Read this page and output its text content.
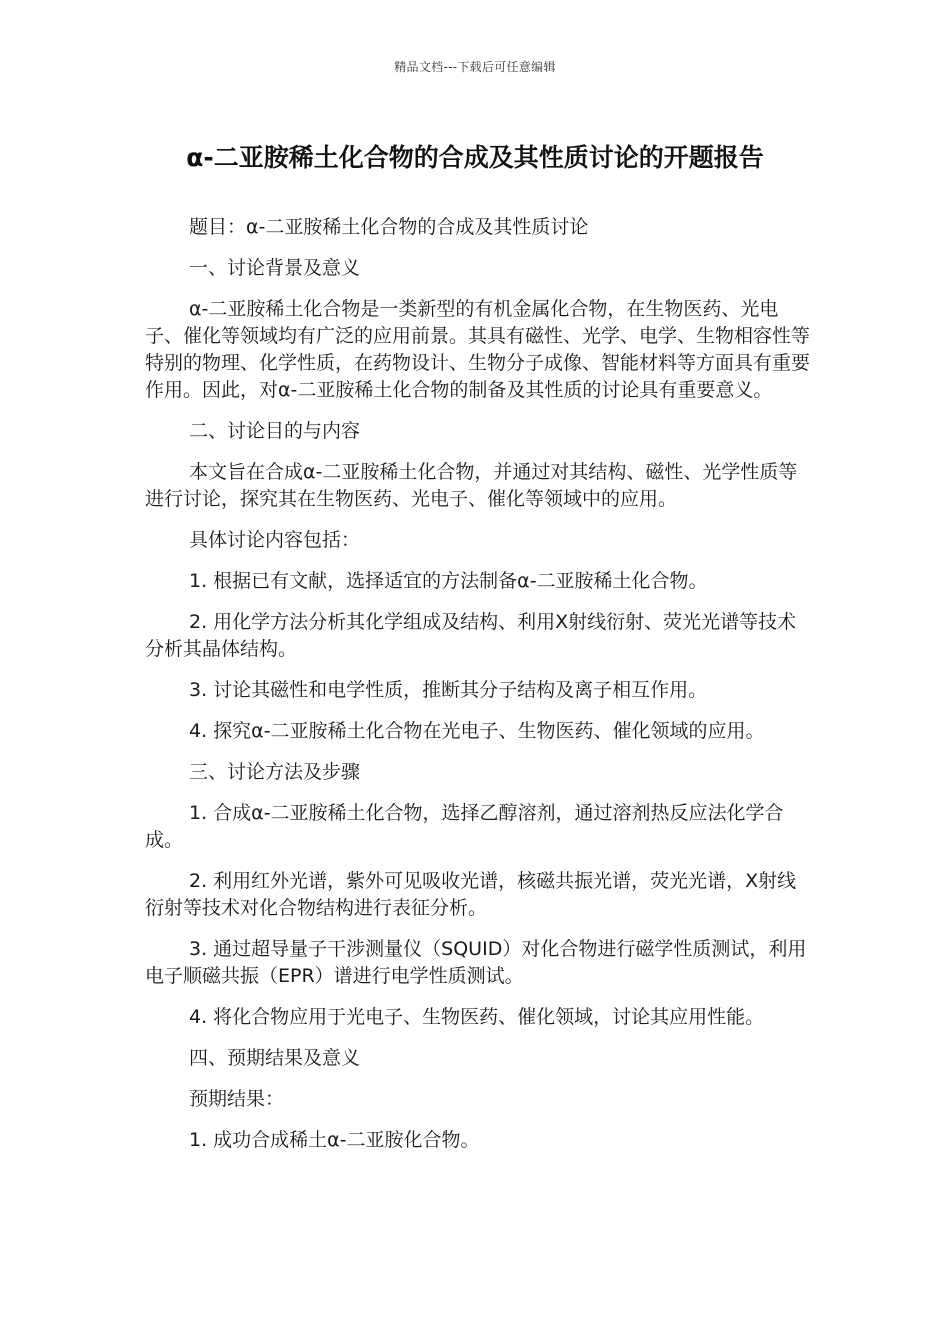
精品文档---下载后可任意编辑
α-二亚胺稀土化合物的合成及其性质讨论的开题报告

题目：α-二亚胺稀土化合物的合成及其性质讨论

一、讨论背景及意义

α-二亚胺稀土化合物是一类新型的有机金属化合物，在生物医药、光电子、催化等领域均有广泛的应用前景。其具有磁性、光学、电学、生物相容性等特别的物理、化学性质，在药物设计、生物分子成像、智能材料等方面具有重要作用。因此，对α-二亚胺稀土化合物的制备及其性质的讨论具有重要意义。

二、讨论目的与内容

本文旨在合成α-二亚胺稀土化合物，并通过对其结构、磁性、光学性质等进行讨论，探究其在生物医药、光电子、催化等领域中的应用。

具体讨论内容包括：

1. 根据已有文献，选择适宜的方法制备α-二亚胺稀土化合物。

2. 用化学方法分析其化学组成及结构、利用X射线衍射、荧光光谱等技术分析其晶体结构。

3. 讨论其磁性和电学性质，推断其分子结构及离子相互作用。

4. 探究α-二亚胺稀土化合物在光电子、生物医药、催化领域的应用。

三、讨论方法及步骤

1. 合成α-二亚胺稀土化合物，选择乙醇溶剂，通过溶剂热反应法化学合成。

2. 利用红外光谱，紫外可见吸收光谱，核磁共振光谱，荧光光谱，X射线衍射等技术对化合物结构进行表征分析。

3. 通过超导量子干涉测量仪（SQUID）对化合物进行磁学性质测试，利用电子顺磁共振（EPR）谱进行电学性质测试。

4. 将化合物应用于光电子、生物医药、催化领域，讨论其应用性能。

四、预期结果及意义

预期结果：

1. 成功合成稀土α-二亚胺化合物。
